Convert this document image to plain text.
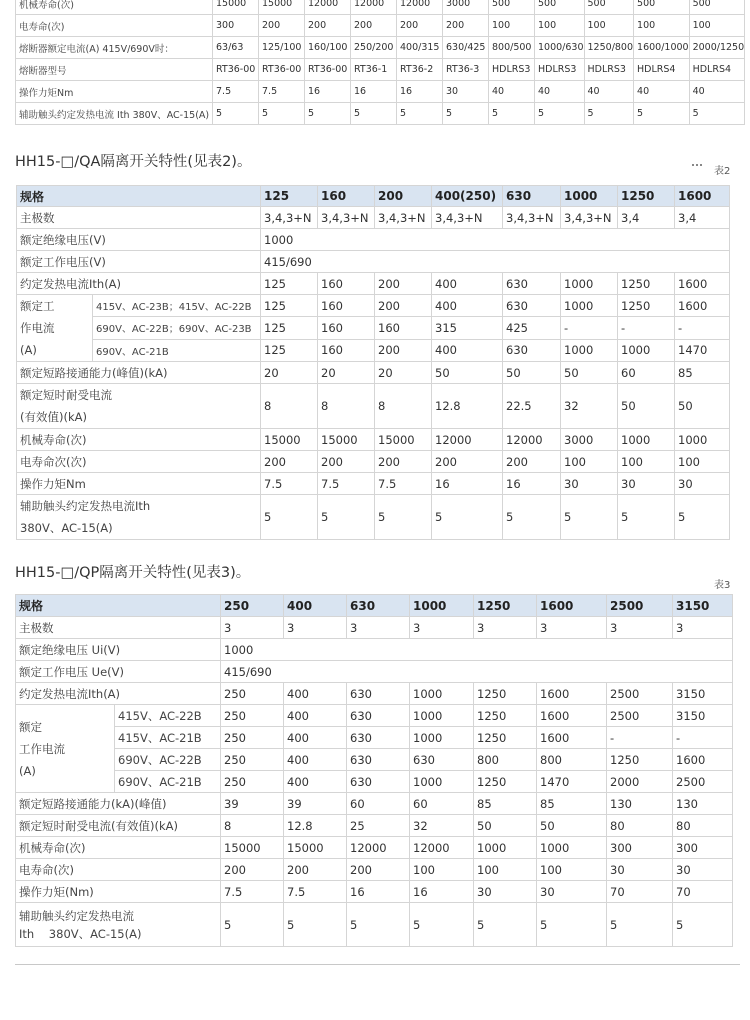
机械寿命(次)	15000	15000	12000	12000	12000	3000	500	500	500	500	500
电寿命(次)	300	200	200	200	200	200	100	100	100	100	100
熔断器额定电流(A) 415V/690V时：	63/63	125/100	160/100	250/200	400/315	630/425	800/500	1000/630	1250/800	1600/1000	2000/1250
熔断器型号	RT36-00	RT36-00	RT36-00	RT36-1	RT36-2	RT36-3	HDLRS3	HDLRS3	HDLRS3	HDLRS4	HDLRS4
操作力矩Nm	7.5	7.5	16	16	16	30	40	40	40	40	40
辅助触头约定发热电流 Ith 380V、AC-15(A)	5	5	5	5	5	5	5	5	5	5	5
HH15-□/QA隔离开关特性(见表2)。
表2
规格		125	160	200	400(250)	630	1000	1250	1600
主极数		3,4,3+N	3,4,3+N	3,4,3+N	3,4,3+N	3,4,3+N	3,4,3+N	3,4	3,4
额定绝缘电压(V)		1000							
额定工作电压(V)		415/690							
约定发热电流Ith(A)		125	160	200	400	630	1000	1250	1600

额定工
作电流
(A)	415V、AC-23B；415V、AC-22B	125	160	200	400	630	1000	1250	1600
	690V、AC-22B；690V、AC-23B	125	160	160	315	425	-	-	-
	690V、AC-21B	125	160	200	400	630	1000	1000	1470
额定短路接通能力(峰值)(kA)		20	20	20	50	50	50	60	85

额定短时耐受电流
(有效值)(kA)		8	8	8	12.8	22.5	32	50	50
机械寿命(次)		15000	15000	15000	12000	12000	3000	1000	1000
电寿命次(次)		200	200	200	200	200	100	100	100
操作力矩Nm		7.5	7.5	7.5	16	16	30	30	30

辅助触头约定发热电流Ith
380V、AC-15(A)		5	5	5	5	5	5	5	5
HH15-□/QP隔离开关特性(见表3)。
表3
规格		250	400	630	1000	1250	1600	2500	3150
主极数		3	3	3	3	3	3	3	3
额定绝缘电压 Ui(V)		1000							
额定工作电压 Ue(V)		415/690							
约定发热电流Ith(A)		250	400	630	1000	1250	1600	2500	3150

额定
工作电流
(A)	415V、AC-22B	250	400	630	1000	1250	1600	2500	3150
	415V、AC-21B	250	400	630	1000	1250	1600	-	-
	690V、AC-22B	250	400	630	630	800	800	1250	1600
	690V、AC-21B	250	400	630	1000	1250	1470	2000	2500
额定短路接通能力(kA)(峰值)		39	39	60	60	85	85	130	130
额定短时耐受电流(有效值)(kA)		8	12.8	25	32	50	50	80	80
机械寿命(次)		15000	15000	12000	12000	1000	1000	300	300
电寿命(次)		200	200	200	100	100	100	30	30
操作力矩(Nm)		7.5	7.5	16	16	30	30	70	70

辅助触头约定发热电流
Ith    380V、AC-15(A)		5	5	5	5	5	5	5	5
